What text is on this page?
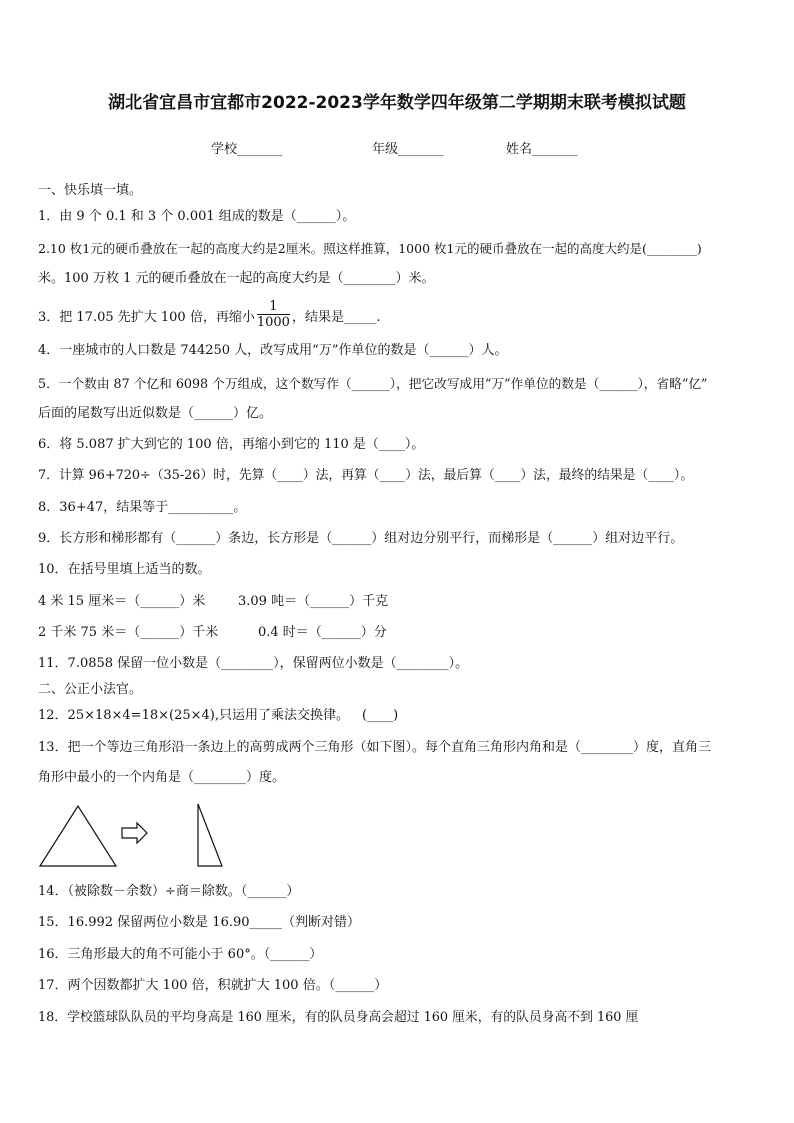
湖北省宜昌市宜都市2022-2023学年数学四年级第二学期期末联考模拟试题
学校_______	年级_______	姓名_______
一、快乐填一填。
1．由 9 个 0.1 和 3 个 0.001 组成的数是（______）。
2.10 枚1元的硬币叠放在一起的高度大约是2厘米。照这样推算，1000 枚1元的硬币叠放在一起的高度大约是(________)
米。100 万枚 1 元的硬币叠放在一起的高度大约是（________）米。
3．把 17.05 先扩大 100 倍，再缩小 $\frac{1}{1000}$ ，结果是_____.
4．一座城市的人口数是 744250 人，改写成用“万”作单位的数是（______）人。
5．一个数由 87 个亿和 6098 个万组成，这个数写作（______），把它改写成用“万”作单位的数是（______），省略“亿”
后面的尾数写出近似数是（______）亿。
6．将 5.087 扩大到它的 100 倍，再缩小到它的 110 是（____）。
7．计算 96+720÷（35-26）时，先算（____）法，再算（____）法，最后算（____）法，最终的结果是（____）。
8．36+47，结果等于__________。
9．长方形和梯形都有（______）条边，长方形是（______）组对边分别平行，而梯形是（______）组对边平行。
10．在括号里填上适当的数。
4 米 15 厘米＝（______）米	3.09 吨＝（______）千克
2 千米 75 米＝（______）千米	0.4 时＝（______）分
11．7.0858 保留一位小数是（________），保留两位小数是（________）。
二、公正小法官。
12．25×18×4=18×(25×4),只运用了乘法交换律。 (____)
13．把一个等边三角形沿一条边上的高剪成两个三角形（如下图）。每个直角三角形内角和是（________）度，直角三
角形中最小的一个内角是（________）度。
14．（被除数－余数）÷商＝除数。（______）
15．16.992 保留两位小数是 16.90_____（判断对错）
16．三角形最大的角不可能小于 60°。（______）
17．两个因数都扩大 100 倍，积就扩大 100 倍。（______）
18．学校篮球队队员的平均身高是 160 厘米，有的队员身高会超过 160 厘米，有的队员身高不到 160 厘
